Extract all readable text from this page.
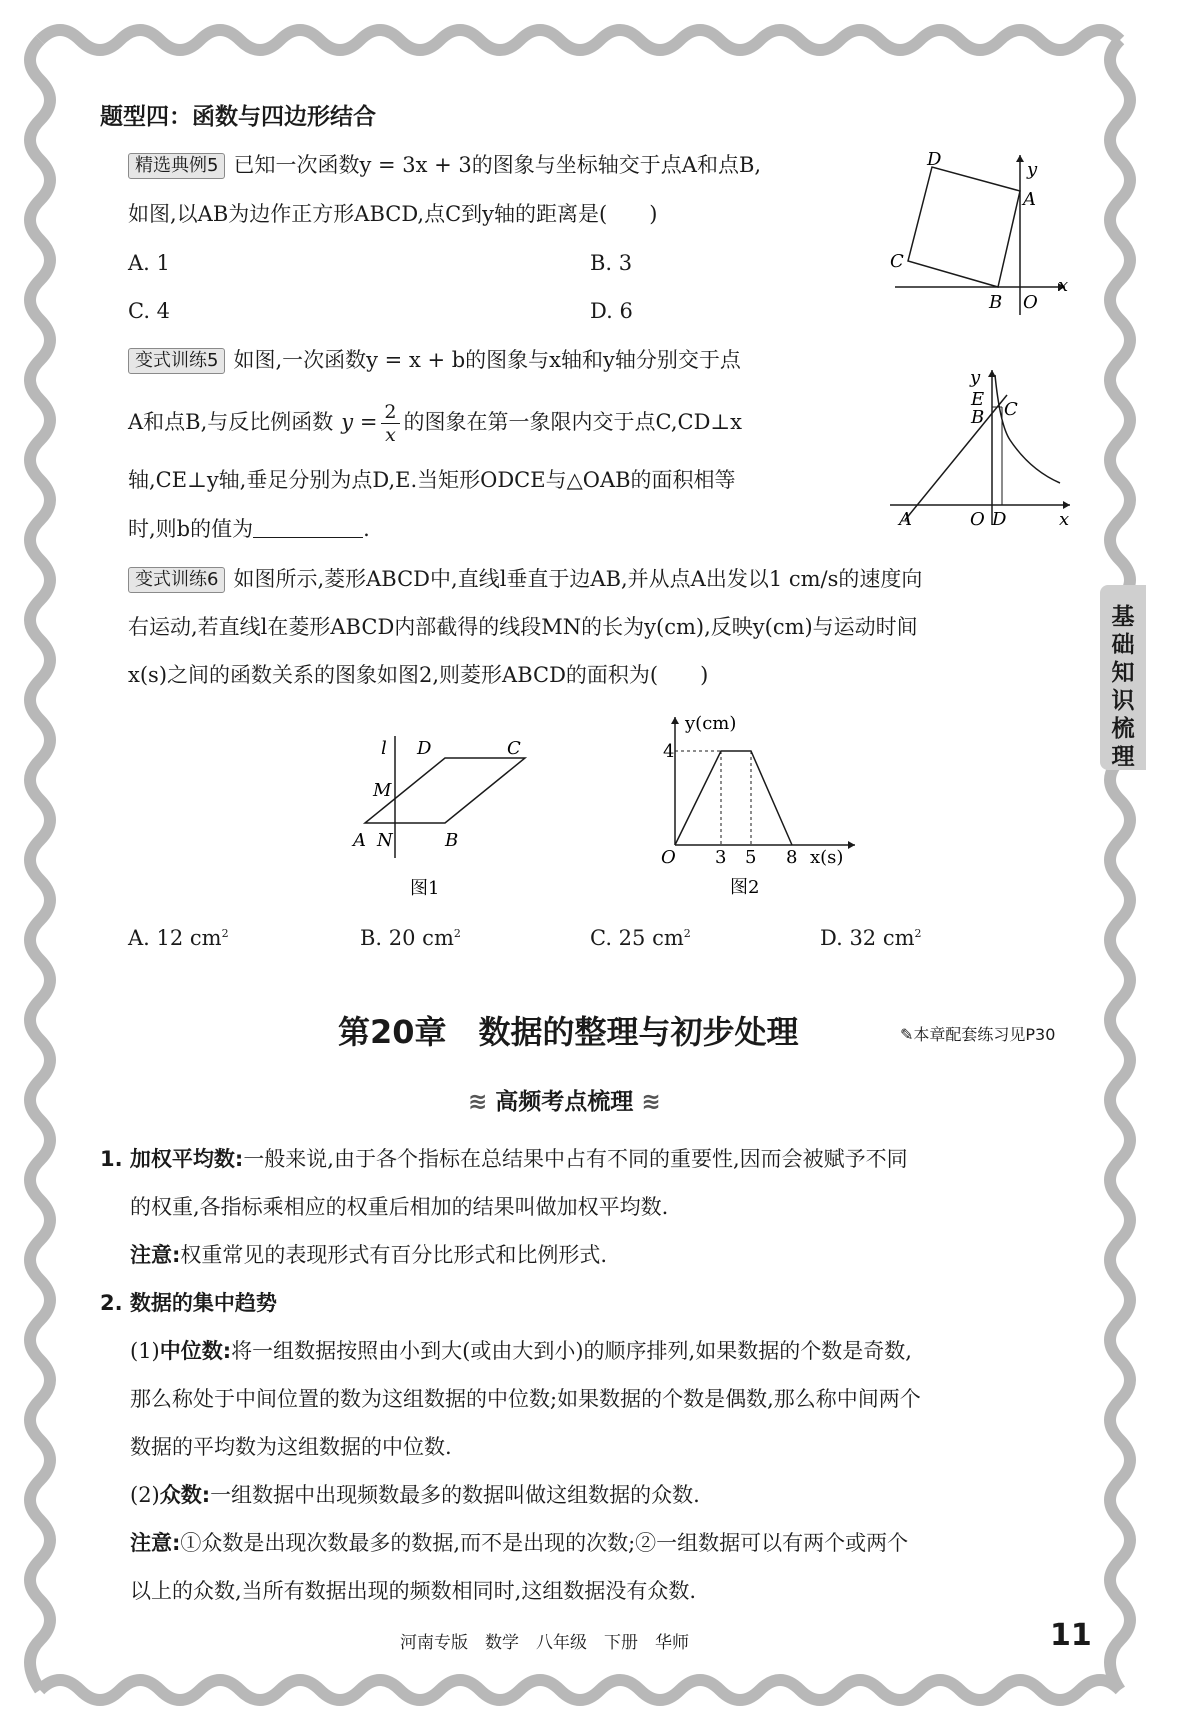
基
础
知
识
梳
理
题型四：函数与四边形结合
精选典例5 已知一次函数y = 3x + 3的图象与坐标轴交于点A和点B,
如图,以AB为边作正方形ABCD,点C到y轴的距离是(　　)
A. 1	B. 3
C. 4	D. 6
D
A
C
B O
x
y
变式训练5 如图,一次函数y = x + b的图象与x轴和y轴分别交于点
A和点B,与反比例函数 $y = \frac{2}{x}$ 的图象在第一象限内交于点C,CD⊥x
轴,CE⊥y轴,垂足分别为点D,E.当矩形ODCE与△OAB的面积相等
时,则b的值为	.
y
E
B C
A	O D	x
变式训练6 如图所示,菱形ABCD中,直线l垂直于边AB,并从点A出发以1 cm/s的速度向
右运动,若直线l在菱形ABCD内部截得的线段MN的长为y(cm),反映y(cm)与运动时间
x(s)之间的函数关系的图象如图2,则菱形ABCD的面积为(　　)
l D	C
M
A N	B
图1
y(cm)
4
O 3 5 8 x(s)
图2
A. 12 $cm^2$	B. 20 $cm^2$	C. 25 $cm^2$	D. 32 $cm^2$
第20章　数据的整理与初步处理	✎本章配套练习见P30
≋ 高频考点梳理 ≋
1. 加权平均数:一般来说,由于各个指标在总结果中占有不同的重要性,因而会被赋予不同
的权重,各指标乘相应的权重后相加的结果叫做加权平均数.
注意:权重常见的表现形式有百分比形式和比例形式.
2. 数据的集中趋势
(1)中位数:将一组数据按照由小到大(或由大到小)的顺序排列,如果数据的个数是奇数,
那么称处于中间位置的数为这组数据的中位数;如果数据的个数是偶数,那么称中间两个
数据的平均数为这组数据的中位数.
(2)众数:一组数据中出现频数最多的数据叫做这组数据的众数.
注意:①众数是出现次数最多的数据,而不是出现的次数;②一组数据可以有两个或两个
以上的众数,当所有数据出现的频数相同时,这组数据没有众数.
河南专版　数学　八年级　下册　华师	11
